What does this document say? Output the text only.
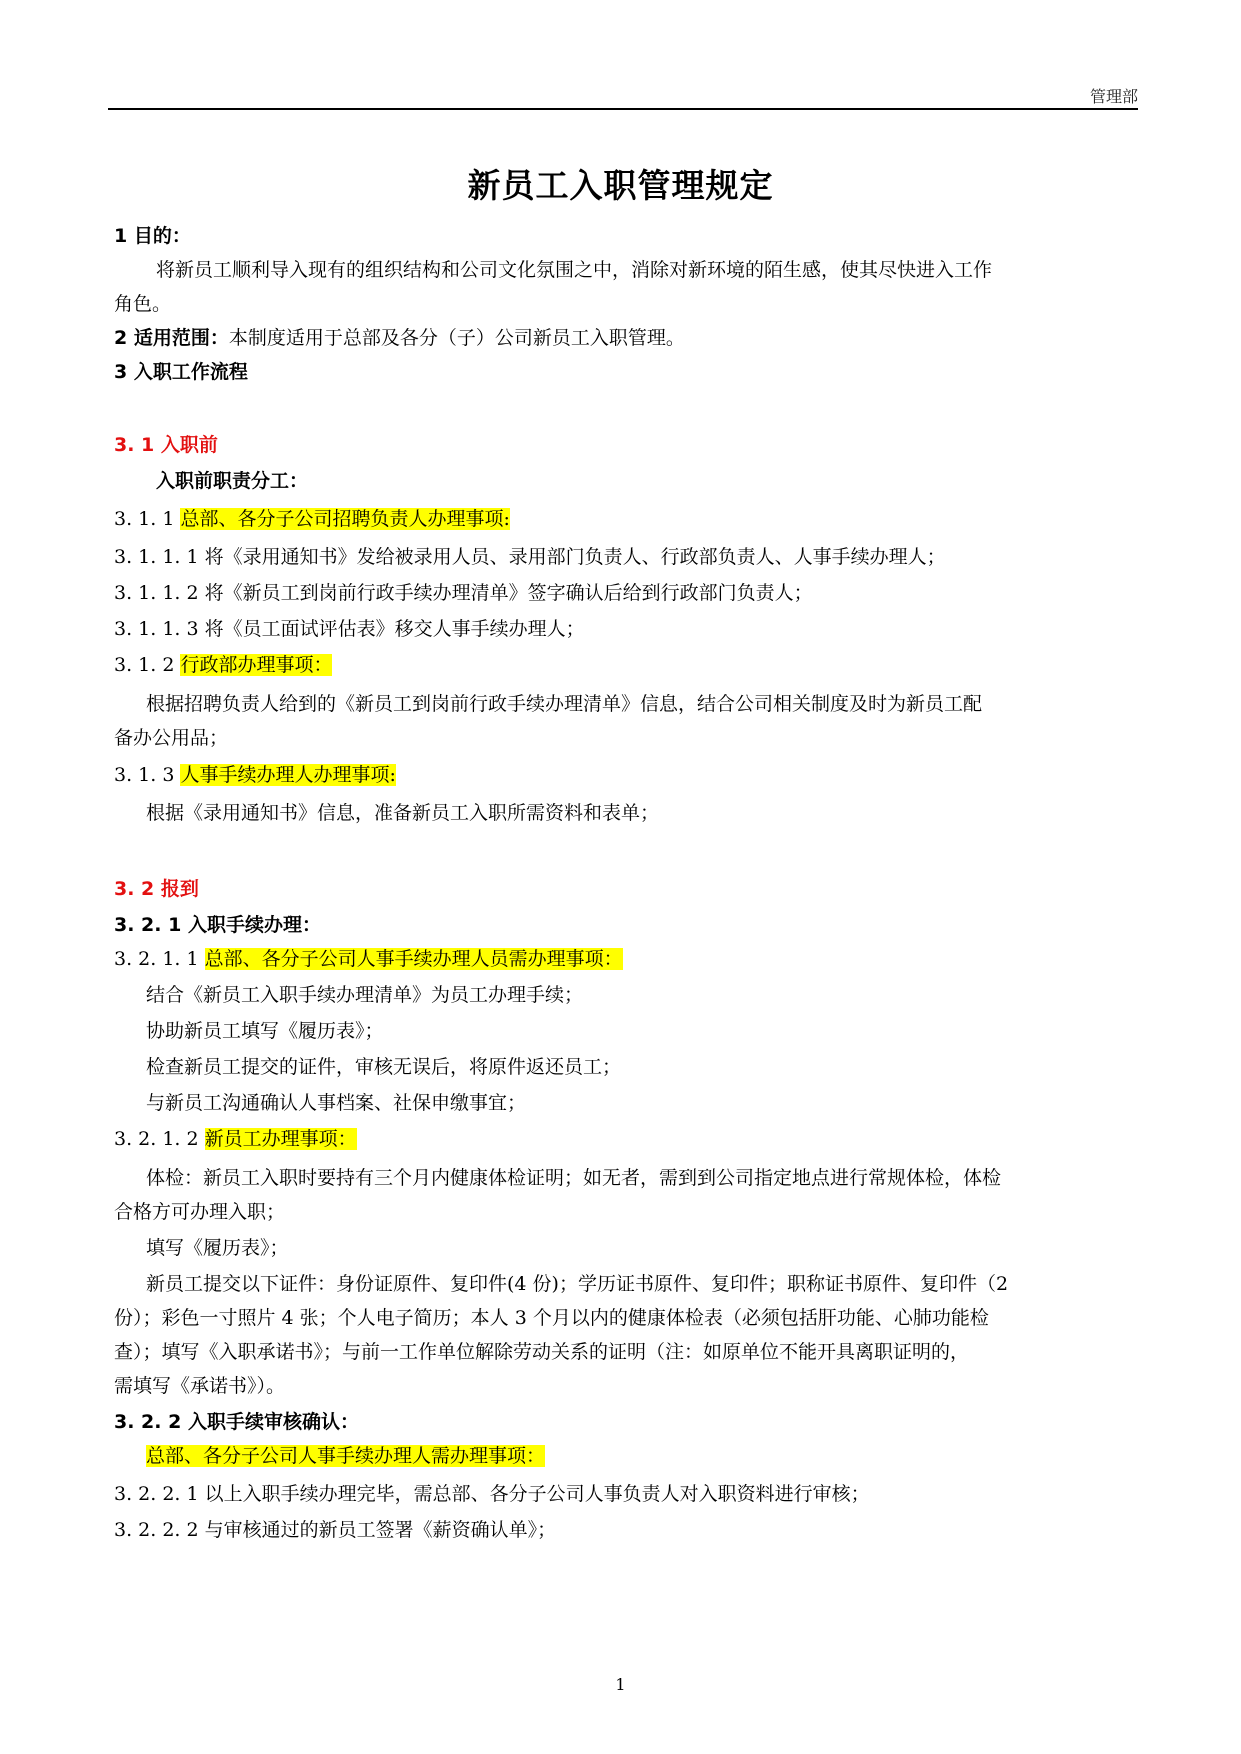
管理部
新员工入职管理规定
1 目的：
将新员工顺利导入现有的组织结构和公司文化氛围之中，消除对新环境的陌生感，使其尽快进入工作
角色。
2 适用范围：本制度适用于总部及各分（子）公司新员工入职管理。
3 入职工作流程
3. 1 入职前
入职前职责分工：
3. 1. 1 总部、各分子公司招聘负责人办理事项:
3. 1. 1. 1 将《录用通知书》发给被录用人员、录用部门负责人、行政部负责人、人事手续办理人；
3. 1. 1. 2 将《新员工到岗前行政手续办理清单》签字确认后给到行政部门负责人；
3. 1. 1. 3 将《员工面试评估表》移交人事手续办理人；
3. 1. 2 行政部办理事项：
根据招聘负责人给到的《新员工到岗前行政手续办理清单》信息，结合公司相关制度及时为新员工配
备办公用品；
3. 1. 3 人事手续办理人办理事项:
根据《录用通知书》信息，准备新员工入职所需资料和表单；
3. 2 报到
3. 2. 1 入职手续办理：
3. 2. 1. 1 总部、各分子公司人事手续办理人员需办理事项：
结合《新员工入职手续办理清单》为员工办理手续；
协助新员工填写《履历表》；
检查新员工提交的证件，审核无误后，将原件返还员工；
与新员工沟通确认人事档案、社保申缴事宜；
3. 2. 1. 2 新员工办理事项：
体检：新员工入职时要持有三个月内健康体检证明；如无者，需到到公司指定地点进行常规体检，体检
合格方可办理入职；
填写《履历表》；
新员工提交以下证件：身份证原件、复印件(4 份)；学历证书原件、复印件；职称证书原件、复印件（2
份）；彩色一寸照片 4 张；个人电子简历；本人 3 个月以内的健康体检表（必须包括肝功能、心肺功能检
查）；填写《入职承诺书》；与前一工作单位解除劳动关系的证明（注：如原单位不能开具离职证明的，
需填写《承诺书》）。
3. 2. 2 入职手续审核确认：
总部、各分子公司人事手续办理人需办理事项：
3. 2. 2. 1 以上入职手续办理完毕，需总部、各分子公司人事负责人对入职资料进行审核；
3. 2. 2. 2 与审核通过的新员工签署《薪资确认单》；
1
